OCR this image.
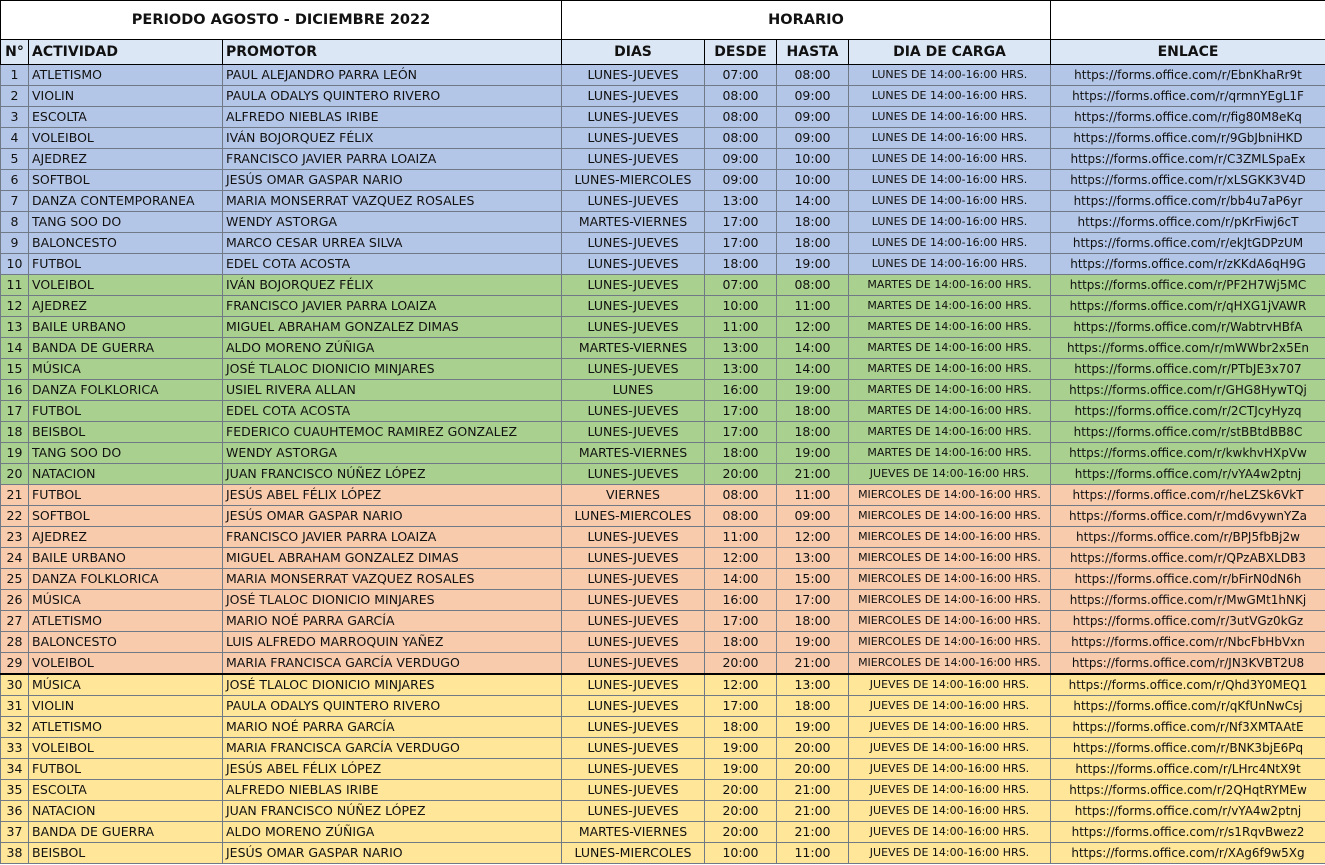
PERIODO AGOSTO - DICIEMBRE 2022			HORARIO				
N°	ACTIVIDAD	PROMOTOR	DIAS	DESDE	HASTA	DIA DE CARGA	ENLACE
1	ATLETISMO	PAUL ALEJANDRO PARRA LEÓN	LUNES-JUEVES	07:00	08:00	LUNES DE 14:00-16:00 HRS.	https://forms.office.com/r/EbnKhaRr9t
2	VIOLIN	PAULA ODALYS QUINTERO RIVERO	LUNES-JUEVES	08:00	09:00	LUNES DE 14:00-16:00 HRS.	https://forms.office.com/r/qrmnYEgL1F
3	ESCOLTA	ALFREDO NIEBLAS IRIBE	LUNES-JUEVES	08:00	09:00	LUNES DE 14:00-16:00 HRS.	https://forms.office.com/r/fig80M8eKq
4	VOLEIBOL	IVÁN BOJORQUEZ FÉLIX	LUNES-JUEVES	08:00	09:00	LUNES DE 14:00-16:00 HRS.	https://forms.office.com/r/9GbJbniHKD
5	AJEDREZ	FRANCISCO JAVIER PARRA LOAIZA	LUNES-JUEVES	09:00	10:00	LUNES DE 14:00-16:00 HRS.	https://forms.office.com/r/C3ZMLSpaEx
6	SOFTBOL	JESÚS OMAR GASPAR NARIO	LUNES-MIERCOLES	09:00	10:00	LUNES DE 14:00-16:00 HRS.	https://forms.office.com/r/xLSGKK3V4D
7	DANZA CONTEMPORANEA	MARIA MONSERRAT VAZQUEZ ROSALES	LUNES-JUEVES	13:00	14:00	LUNES DE 14:00-16:00 HRS.	https://forms.office.com/r/bb4u7aP6yr
8	TANG SOO DO	WENDY ASTORGA	MARTES-VIERNES	17:00	18:00	LUNES DE 14:00-16:00 HRS.	https://forms.office.com/r/pKrFiwj6cT
9	BALONCESTO	MARCO CESAR URREA SILVA	LUNES-JUEVES	17:00	18:00	LUNES DE 14:00-16:00 HRS.	https://forms.office.com/r/ekJtGDPzUM
10	FUTBOL	EDEL COTA ACOSTA	LUNES-JUEVES	18:00	19:00	LUNES DE 14:00-16:00 HRS.	https://forms.office.com/r/zKKdA6qH9G
11	VOLEIBOL	IVÁN BOJORQUEZ FÉLIX	LUNES-JUEVES	07:00	08:00	MARTES DE 14:00-16:00 HRS.	https://forms.office.com/r/PF2H7Wj5MC
12	AJEDREZ	FRANCISCO JAVIER PARRA LOAIZA	LUNES-JUEVES	10:00	11:00	MARTES DE 14:00-16:00 HRS.	https://forms.office.com/r/qHXG1jVAWR
13	BAILE URBANO	MIGUEL ABRAHAM GONZALEZ DIMAS	LUNES-JUEVES	11:00	12:00	MARTES DE 14:00-16:00 HRS.	https://forms.office.com/r/WabtrvHBfA
14	BANDA DE GUERRA	ALDO MORENO ZÚÑIGA	MARTES-VIERNES	13:00	14:00	MARTES DE 14:00-16:00 HRS.	https://forms.office.com/r/mWWbr2x5En
15	MÚSICA	JOSÉ TLALOC DIONICIO MINJARES	LUNES-JUEVES	13:00	14:00	MARTES DE 14:00-16:00 HRS.	https://forms.office.com/r/PTbJE3x707
16	DANZA FOLKLORICA	USIEL RIVERA ALLAN	LUNES	16:00	19:00	MARTES DE 14:00-16:00 HRS.	https://forms.office.com/r/GHG8HywTQj
17	FUTBOL	EDEL COTA ACOSTA	LUNES-JUEVES	17:00	18:00	MARTES DE 14:00-16:00 HRS.	https://forms.office.com/r/2CTJcyHyzq
18	BEISBOL	FEDERICO CUAUHTEMOC RAMIREZ GONZALEZ	LUNES-JUEVES	17:00	18:00	MARTES DE 14:00-16:00 HRS.	https://forms.office.com/r/stBBtdBB8C
19	TANG SOO DO	WENDY ASTORGA	MARTES-VIERNES	18:00	19:00	MARTES DE 14:00-16:00 HRS.	https://forms.office.com/r/kwkhvHXpVw
20	NATACION	JUAN FRANCISCO NÚÑEZ LÓPEZ	LUNES-JUEVES	20:00	21:00	JUEVES DE 14:00-16:00 HRS.	https://forms.office.com/r/vYA4w2ptnj
21	FUTBOL	JESÚS ABEL FÉLIX LÓPEZ	VIERNES	08:00	11:00	MIERCOLES DE 14:00-16:00 HRS.	https://forms.office.com/r/heLZSk6VkT
22	SOFTBOL	JESÚS OMAR GASPAR NARIO	LUNES-MIERCOLES	08:00	09:00	MIERCOLES DE 14:00-16:00 HRS.	https://forms.office.com/r/md6vywnYZa
23	AJEDREZ	FRANCISCO JAVIER PARRA LOAIZA	LUNES-JUEVES	11:00	12:00	MIERCOLES DE 14:00-16:00 HRS.	https://forms.office.com/r/BPJ5fbBj2w
24	BAILE URBANO	MIGUEL ABRAHAM GONZALEZ DIMAS	LUNES-JUEVES	12:00	13:00	MIERCOLES DE 14:00-16:00 HRS.	https://forms.office.com/r/QPzABXLDB3
25	DANZA FOLKLORICA	MARIA MONSERRAT VAZQUEZ ROSALES	LUNES-JUEVES	14:00	15:00	MIERCOLES DE 14:00-16:00 HRS.	https://forms.office.com/r/bFirN0dN6h
26	MÚSICA	JOSÉ TLALOC DIONICIO MINJARES	LUNES-JUEVES	16:00	17:00	MIERCOLES DE 14:00-16:00 HRS.	https://forms.office.com/r/MwGMt1hNKj
27	ATLETISMO	MARIO NOÉ PARRA GARCÍA	LUNES-JUEVES	17:00	18:00	MIERCOLES DE 14:00-16:00 HRS.	https://forms.office.com/r/3utVGz0kGz
28	BALONCESTO	LUIS ALFREDO MARROQUIN YAÑEZ	LUNES-JUEVES	18:00	19:00	MIERCOLES DE 14:00-16:00 HRS.	https://forms.office.com/r/NbcFbHbVxn
29	VOLEIBOL	MARIA FRANCISCA GARCÍA VERDUGO	LUNES-JUEVES	20:00	21:00	MIERCOLES DE 14:00-16:00 HRS.	https://forms.office.com/r/JN3KVBT2U8
30	MÚSICA	JOSÉ TLALOC DIONICIO MINJARES	LUNES-JUEVES	12:00	13:00	JUEVES DE 14:00-16:00 HRS.	https://forms.office.com/r/Qhd3Y0MEQ1
31	VIOLIN	PAULA ODALYS QUINTERO RIVERO	LUNES-JUEVES	17:00	18:00	JUEVES DE 14:00-16:00 HRS.	https://forms.office.com/r/qKfUnNwCsj
32	ATLETISMO	MARIO NOÉ PARRA GARCÍA	LUNES-JUEVES	18:00	19:00	JUEVES DE 14:00-16:00 HRS.	https://forms.office.com/r/Nf3XMTAAtE
33	VOLEIBOL	MARIA FRANCISCA GARCÍA VERDUGO	LUNES-JUEVES	19:00	20:00	JUEVES DE 14:00-16:00 HRS.	https://forms.office.com/r/BNK3bjE6Pq
34	FUTBOL	JESÚS ABEL FÉLIX LÓPEZ	LUNES-JUEVES	19:00	20:00	JUEVES DE 14:00-16:00 HRS.	https://forms.office.com/r/LHrc4NtX9t
35	ESCOLTA	ALFREDO NIEBLAS IRIBE	LUNES-JUEVES	20:00	21:00	JUEVES DE 14:00-16:00 HRS.	https://forms.office.com/r/2QHqtRYMEw
36	NATACION	JUAN FRANCISCO NÚÑEZ LÓPEZ	LUNES-JUEVES	20:00	21:00	JUEVES DE 14:00-16:00 HRS.	https://forms.office.com/r/vYA4w2ptnj
37	BANDA DE GUERRA	ALDO MORENO ZÚÑIGA	MARTES-VIERNES	20:00	21:00	JUEVES DE 14:00-16:00 HRS.	https://forms.office.com/r/s1RqvBwez2
38	BEISBOL	JESÚS OMAR GASPAR NARIO	LUNES-MIERCOLES	10:00	11:00	JUEVES DE 14:00-16:00 HRS.	https://forms.office.com/r/XAg6f9w5Xg
